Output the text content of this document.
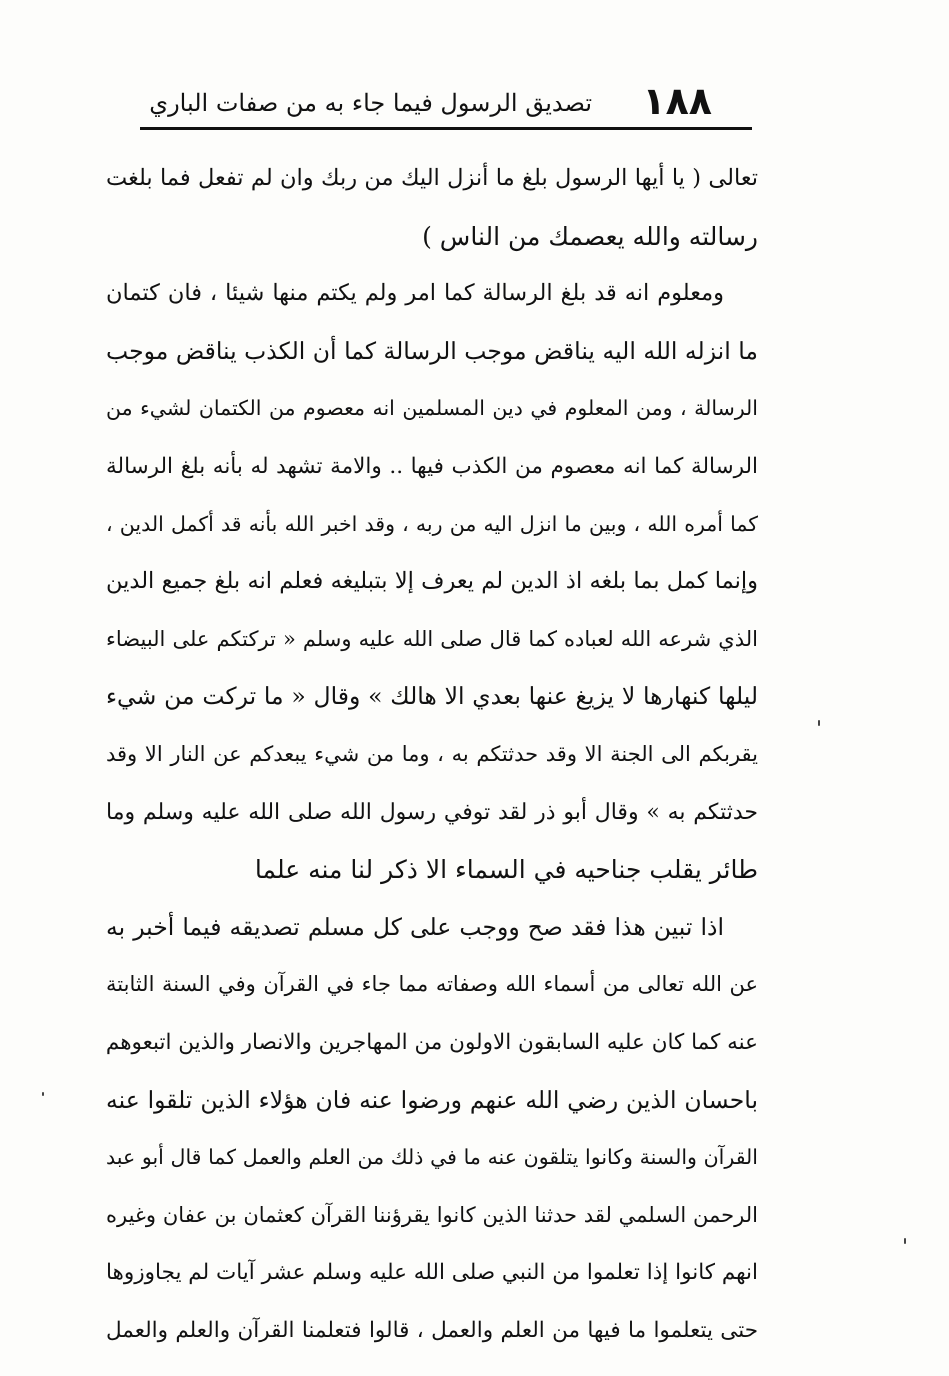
١٨٨
تصديق الرسول فيما جاء به من صفات الباري
تعالى ( يا أيها الرسول بلغ ما أنزل اليك من ربك وان لم تفعل فما بلغت
رسالته والله يعصمك من الناس )
ومعلوم انه قد بلغ الرسالة كما امر ولم يكتم منها شيئا ، فان كتمان
ما انزله الله اليه يناقض موجب الرسالة كما أن الكذب يناقض موجب
الرسالة ، ومن المعلوم في دين المسلمين انه معصوم من الكتمان لشيء من
الرسالة كما انه معصوم من الكذب فيها .. والامة تشهد له بأنه بلغ الرسالة
كما أمره الله ، وبين ما انزل اليه من ربه ، وقد اخبر الله بأنه قد أكمل الدين ،
وإنما كمل بما بلغه اذ الدين لم يعرف إلا بتبليغه فعلم انه بلغ جميع الدين
الذي شرعه الله لعباده كما قال صلى الله عليه وسلم « تركتكم على البيضاء
ليلها كنهارها لا يزيغ عنها بعدي الا هالك » وقال « ما تركت من شيء
يقربكم الى الجنة الا وقد حدثتكم به ، وما من شيء يبعدكم عن النار الا وقد
حدثتكم به » وقال أبو ذر لقد توفي رسول الله صلى الله عليه وسلم وما
طائر يقلب جناحيه في السماء الا ذكر لنا منه علما
اذا تبين هذا فقد صح ووجب على كل مسلم تصديقه فيما أخبر به
عن الله تعالى من أسماء الله وصفاته مما جاء في القرآن وفي السنة الثابتة
عنه كما كان عليه السابقون الاولون من المهاجرين والانصار والذين اتبعوهم
باحسان الذين رضي الله عنهم ورضوا عنه فان هؤلاء الذين تلقوا عنه
القرآن والسنة وكانوا يتلقون عنه ما في ذلك من العلم والعمل كما قال أبو عبد
الرحمن السلمي لقد حدثنا الذين كانوا يقرؤننا القرآن كعثمان بن عفان وغيره
انهم كانوا إذا تعلموا من النبي صلى الله عليه وسلم عشر آيات لم يجاوزوها
حتى يتعلموا ما فيها من العلم والعمل ، قالوا فتعلمنا القرآن والعلم والعمل
